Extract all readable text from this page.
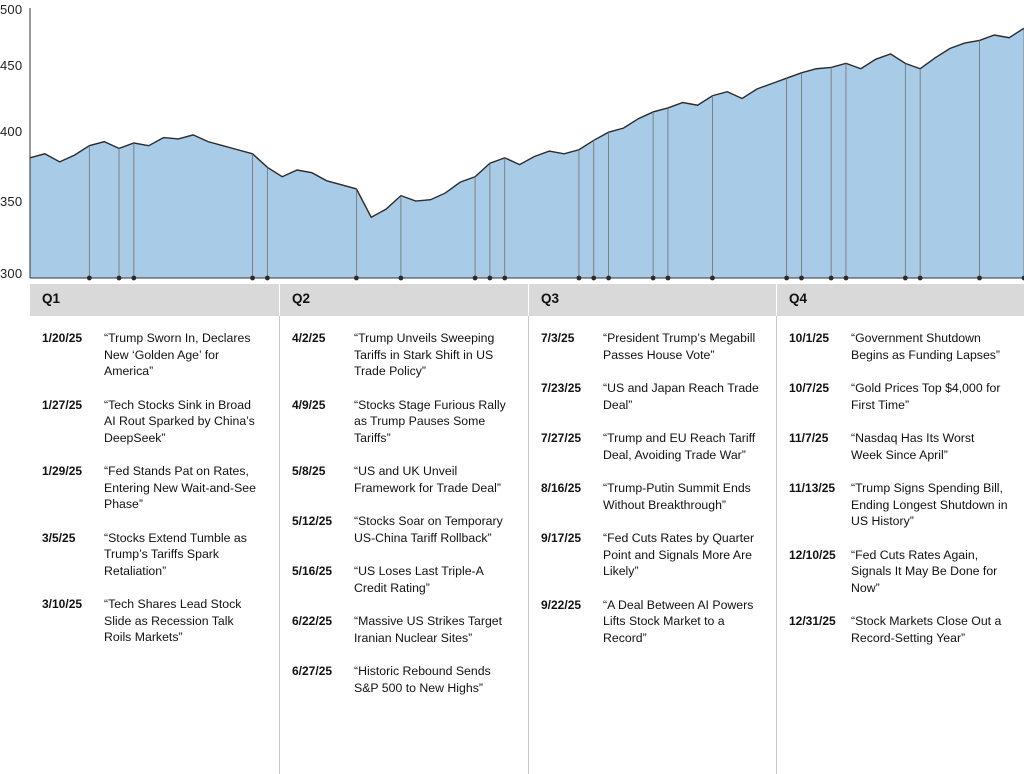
500
450
400
350
300
Q1	Q2	Q3	Q4
1/20/25	“Trump Sworn In, Declares New ‘Golden Age’ for America”
1/27/25	“Tech Stocks Sink in Broad AI Rout Sparked by China’s DeepSeek”
1/29/25	“Fed Stands Pat on Rates, Entering New Wait-and-See Phase”
3/5/25	“Stocks Extend Tumble as Trump’s Tariffs Spark Retaliation”
3/10/25	“Tech Shares Lead Stock Slide as Recession Talk Roils Markets”
4/2/25	“Trump Unveils Sweeping Tariffs in Stark Shift in US Trade Policy”
4/9/25	“Stocks Stage Furious Rally as Trump Pauses Some Tariffs”
5/8/25	“US and UK Unveil Framework for Trade Deal”
5/12/25	“Stocks Soar on Temporary US-China Tariff Rollback”
5/16/25	“US Loses Last Triple-A Credit Rating”
6/22/25	“Massive US Strikes Target Iranian Nuclear Sites”
6/27/25	“Historic Rebound Sends S&P 500 to New Highs”
7/3/25	“President Trump’s Megabill Passes House Vote”
7/23/25	“US and Japan Reach Trade Deal”
7/27/25	“Trump and EU Reach Tariff Deal, Avoiding Trade War”
8/16/25	“Trump-Putin Summit Ends Without Breakthrough”
9/17/25	“Fed Cuts Rates by Quarter Point and Signals More Are Likely”
9/22/25	“A Deal Between AI Powers Lifts Stock Market to a Record”
10/1/25	“Government Shutdown Begins as Funding Lapses”
10/7/25	“Gold Prices Top $4,000 for First Time”
11/7/25	“Nasdaq Has Its Worst Week Since April”
11/13/25	“Trump Signs Spending Bill, Ending Longest Shutdown in US History”
12/10/25	“Fed Cuts Rates Again, Signals It May Be Done for Now”
12/31/25	“Stock Markets Close Out a Record-Setting Year”
